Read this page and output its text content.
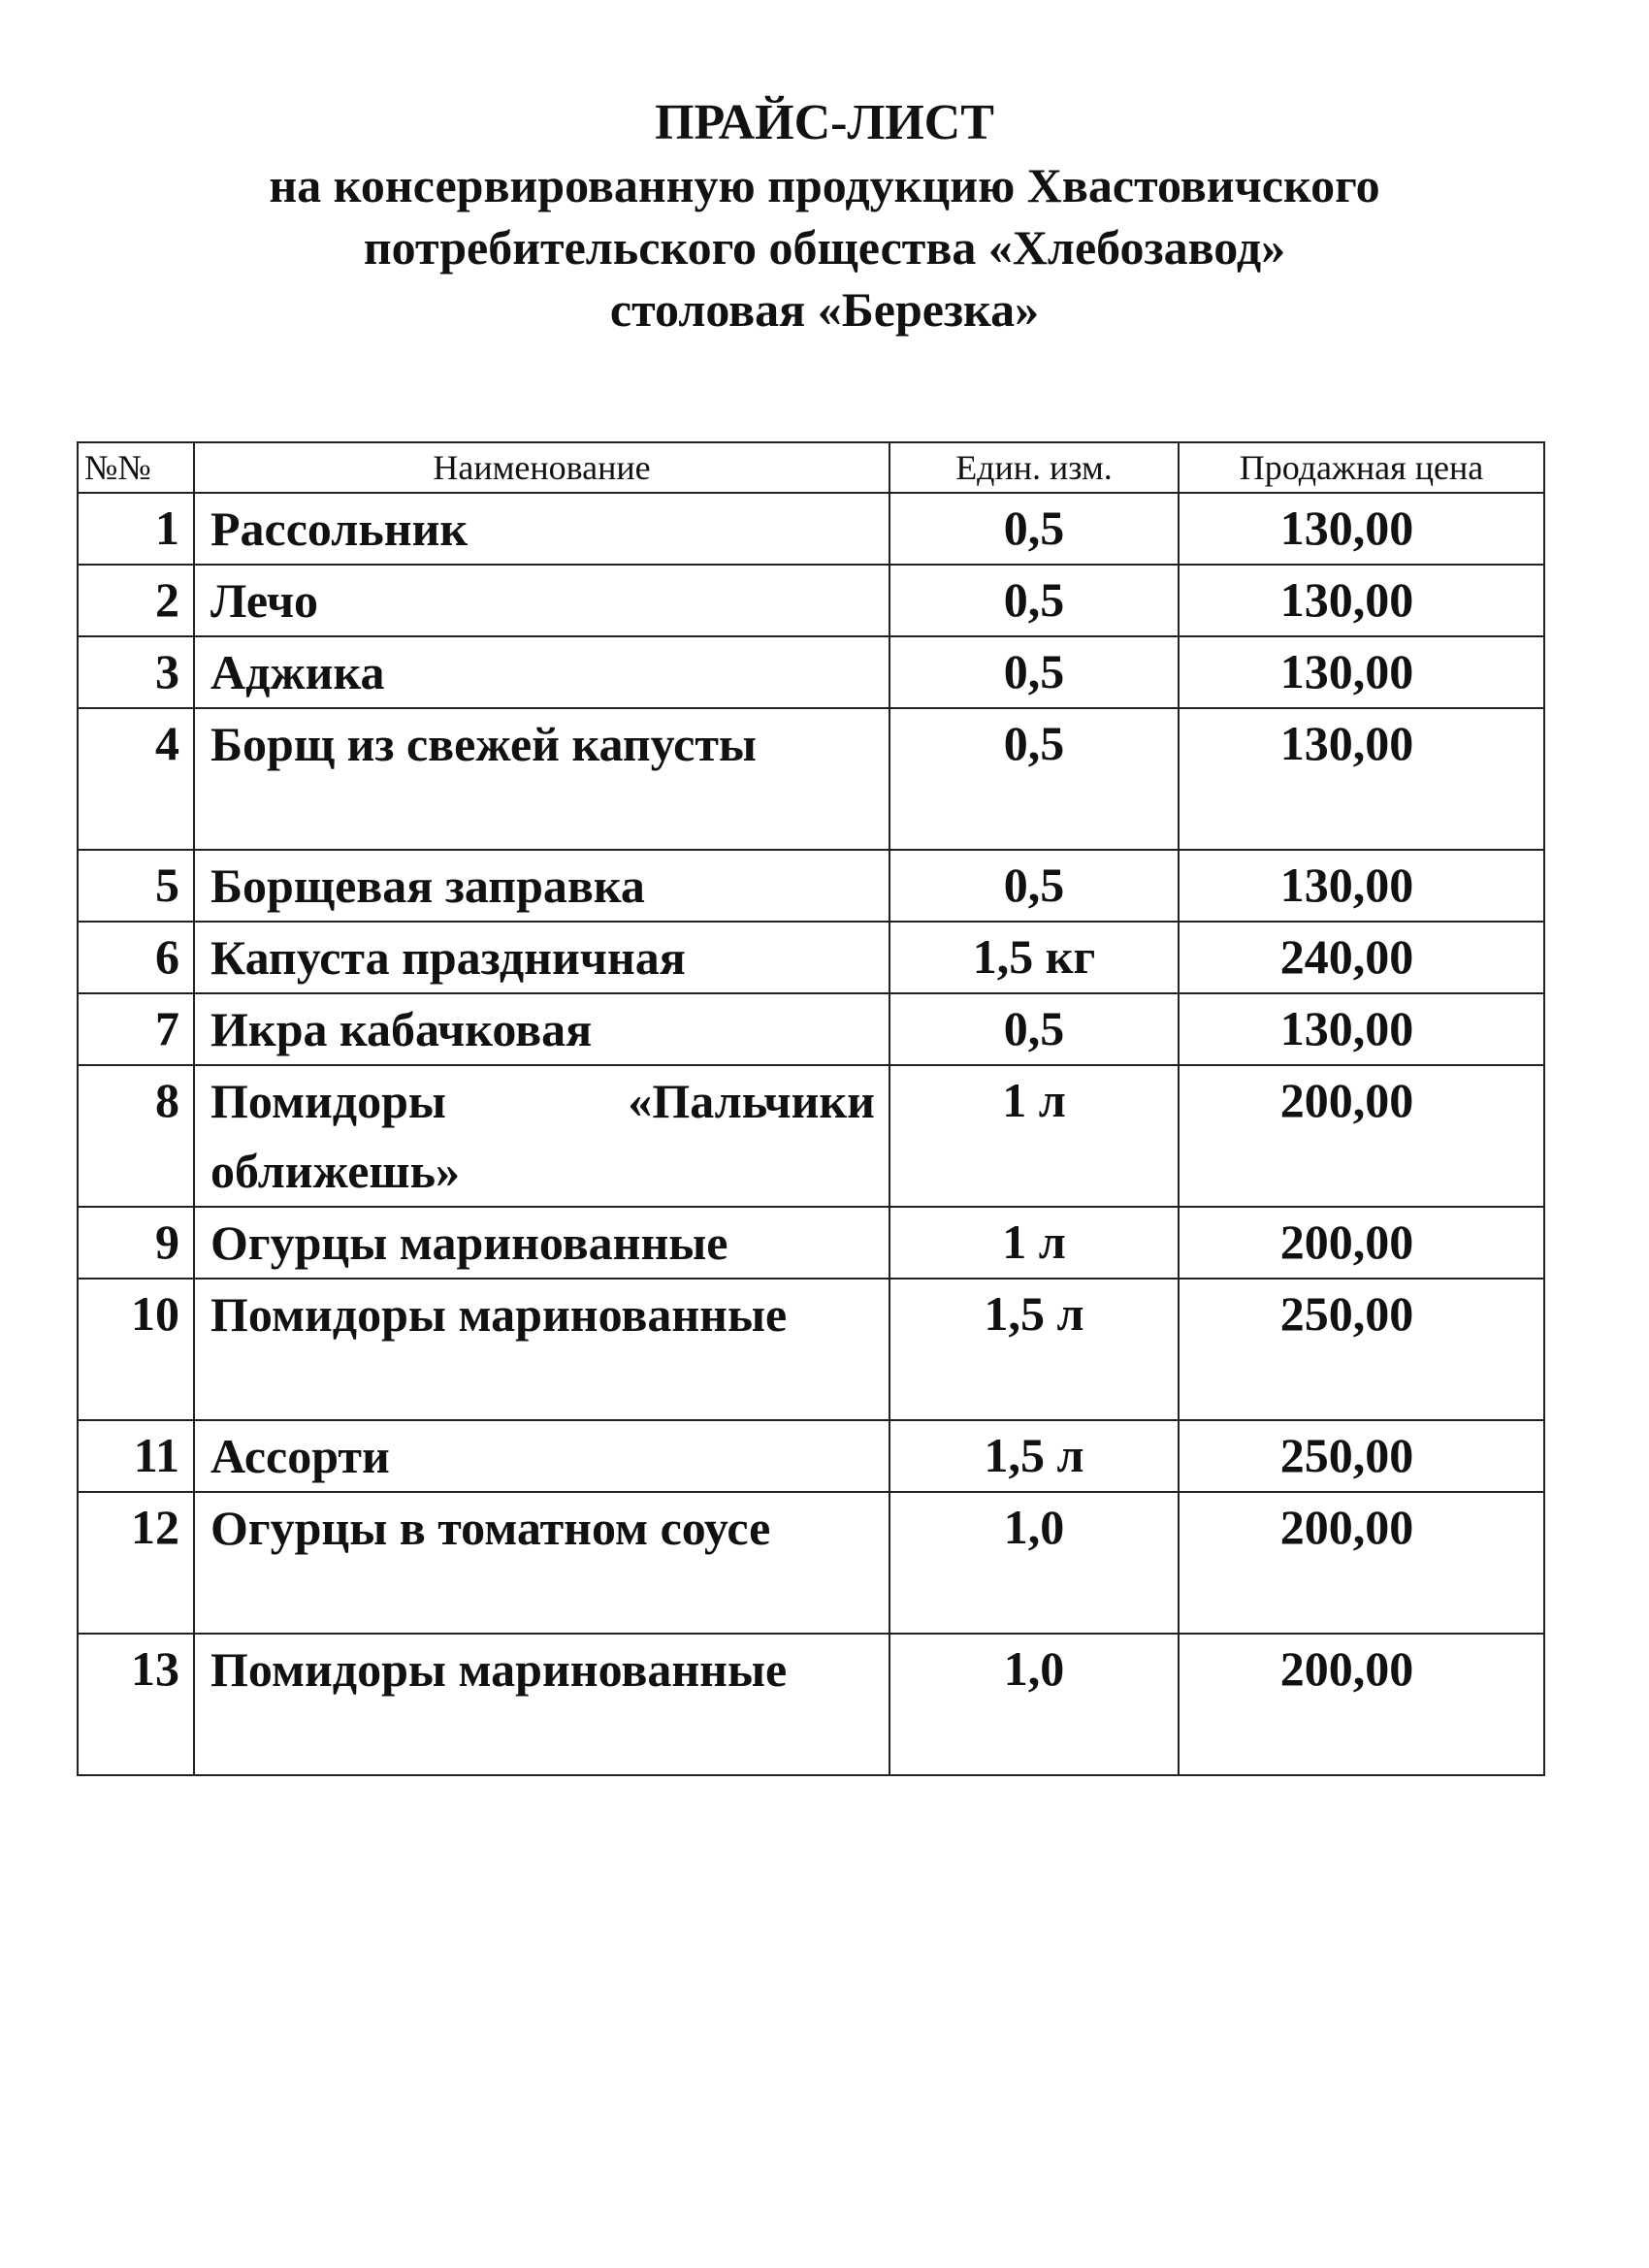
ПРАЙС-ЛИСТ
на консервированную продукцию Хвастовичского
потребительского общества «Хлебозавод»
столовая «Березка»
№№	Наименование	Един. изм.	Продажная цена
1	Рассольник	0,5	130,00
2	Лечо	0,5	130,00
3	Аджика	0,5	130,00
4	Борщ из свежей капусты	0,5	130,00
5	Борщевая заправка	0,5	130,00
6	Капуста праздничная	1,5 кг	240,00
7	Икра кабачковая	0,5	130,00
8	Помидоры «Пальчики оближешь»	1 л	200,00
9	Огурцы маринованные	1 л	200,00
10	Помидоры маринованные	1,5 л	250,00
11	Ассорти	1,5 л	250,00
12	Огурцы в томатном соусе	1,0	200,00
13	Помидоры маринованные	1,0	200,00
